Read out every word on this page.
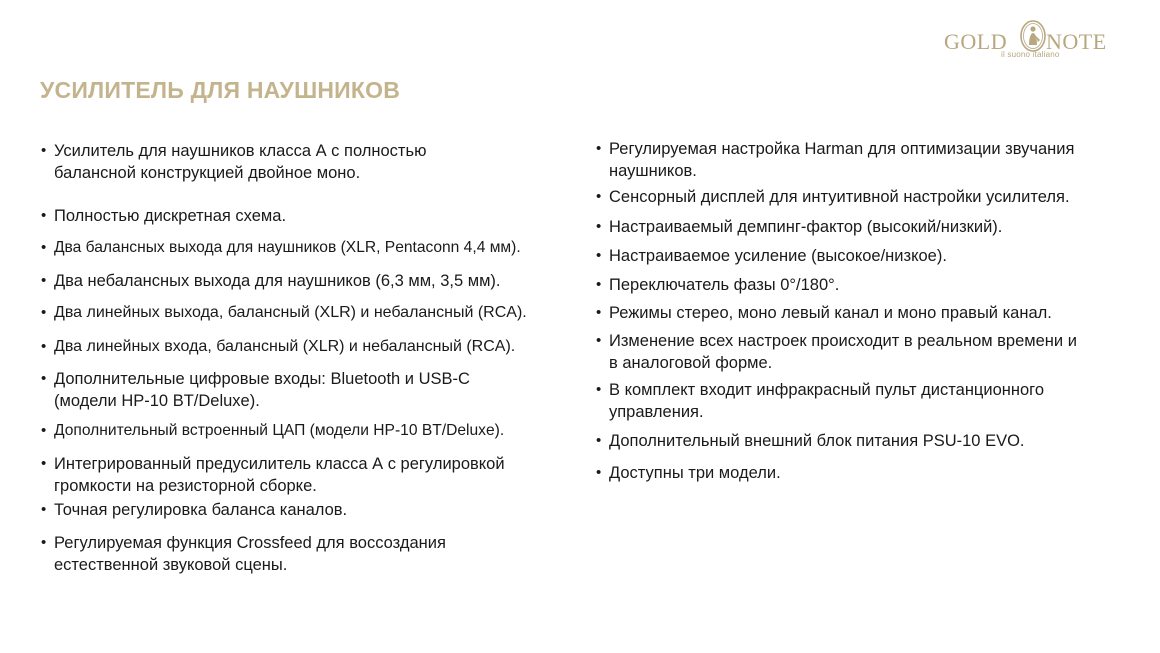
GOLD NOTE
il suono italiano
УСИЛИТЕЛЬ ДЛЯ НАУШНИКОВ
• Усилитель для наушников класса А с полностью
балансной конструкцией двойное моно.
• Полностью дискретная схема.
• Два балансных выхода для наушников (XLR, Pentaconn 4,4 мм).
• Два небалансных выхода для наушников (6,3 мм, 3,5 мм).
• Два линейных выхода, балансный (XLR) и небалансный (RCA).
• Два линейных входа, балансный (XLR) и небалансный (RCA).
• Дополнительные цифровые входы: Bluetooth и USB-C
(модели HP-10 BT/Deluxe).
• Дополнительный встроенный ЦАП (модели HP-10 BT/Deluxe).
• Интегрированный предусилитель класса А с регулировкой
громкости на резисторной сборке.
• Точная регулировка баланса каналов.
• Регулируемая функция Crossfeed для воссоздания
естественной звуковой сцены.
• Регулируемая настройка Harman для оптимизации звучания
наушников.
• Сенсорный дисплей для интуитивной настройки усилителя.
• Настраиваемый демпинг-фактор (высокий/низкий).
• Настраиваемое усиление (высокое/низкое).
• Переключатель фазы 0°/180°.
• Режимы стерео, моно левый канал и моно правый канал.
• Изменение всех настроек происходит в реальном времени и
в аналоговой форме.
• В комплект входит инфракрасный пульт дистанционного
управления.
• Дополнительный внешний блок питания PSU-10 EVO.
• Доступны три модели.
